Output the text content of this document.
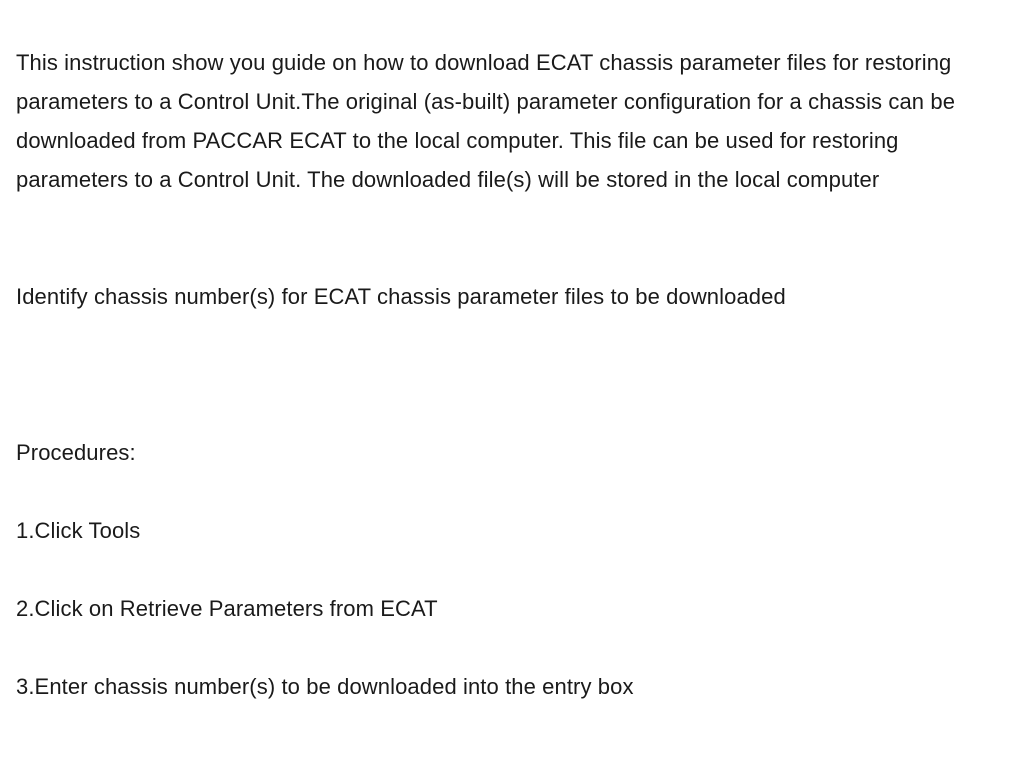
This instruction show you guide on how to download ECAT chassis parameter files for restoring parameters to a Control Unit.The original (as-built) parameter configuration for a chassis can be downloaded from PACCAR ECAT to the local computer. This file can be used for restoring parameters to a Control Unit. The downloaded file(s) will be stored in the local computer

Identify chassis number(s) for ECAT chassis parameter files to be downloaded

Procedures:

1.Click Tools

2.Click on Retrieve Parameters from ECAT

3.Enter chassis number(s) to be downloaded into the entry box
